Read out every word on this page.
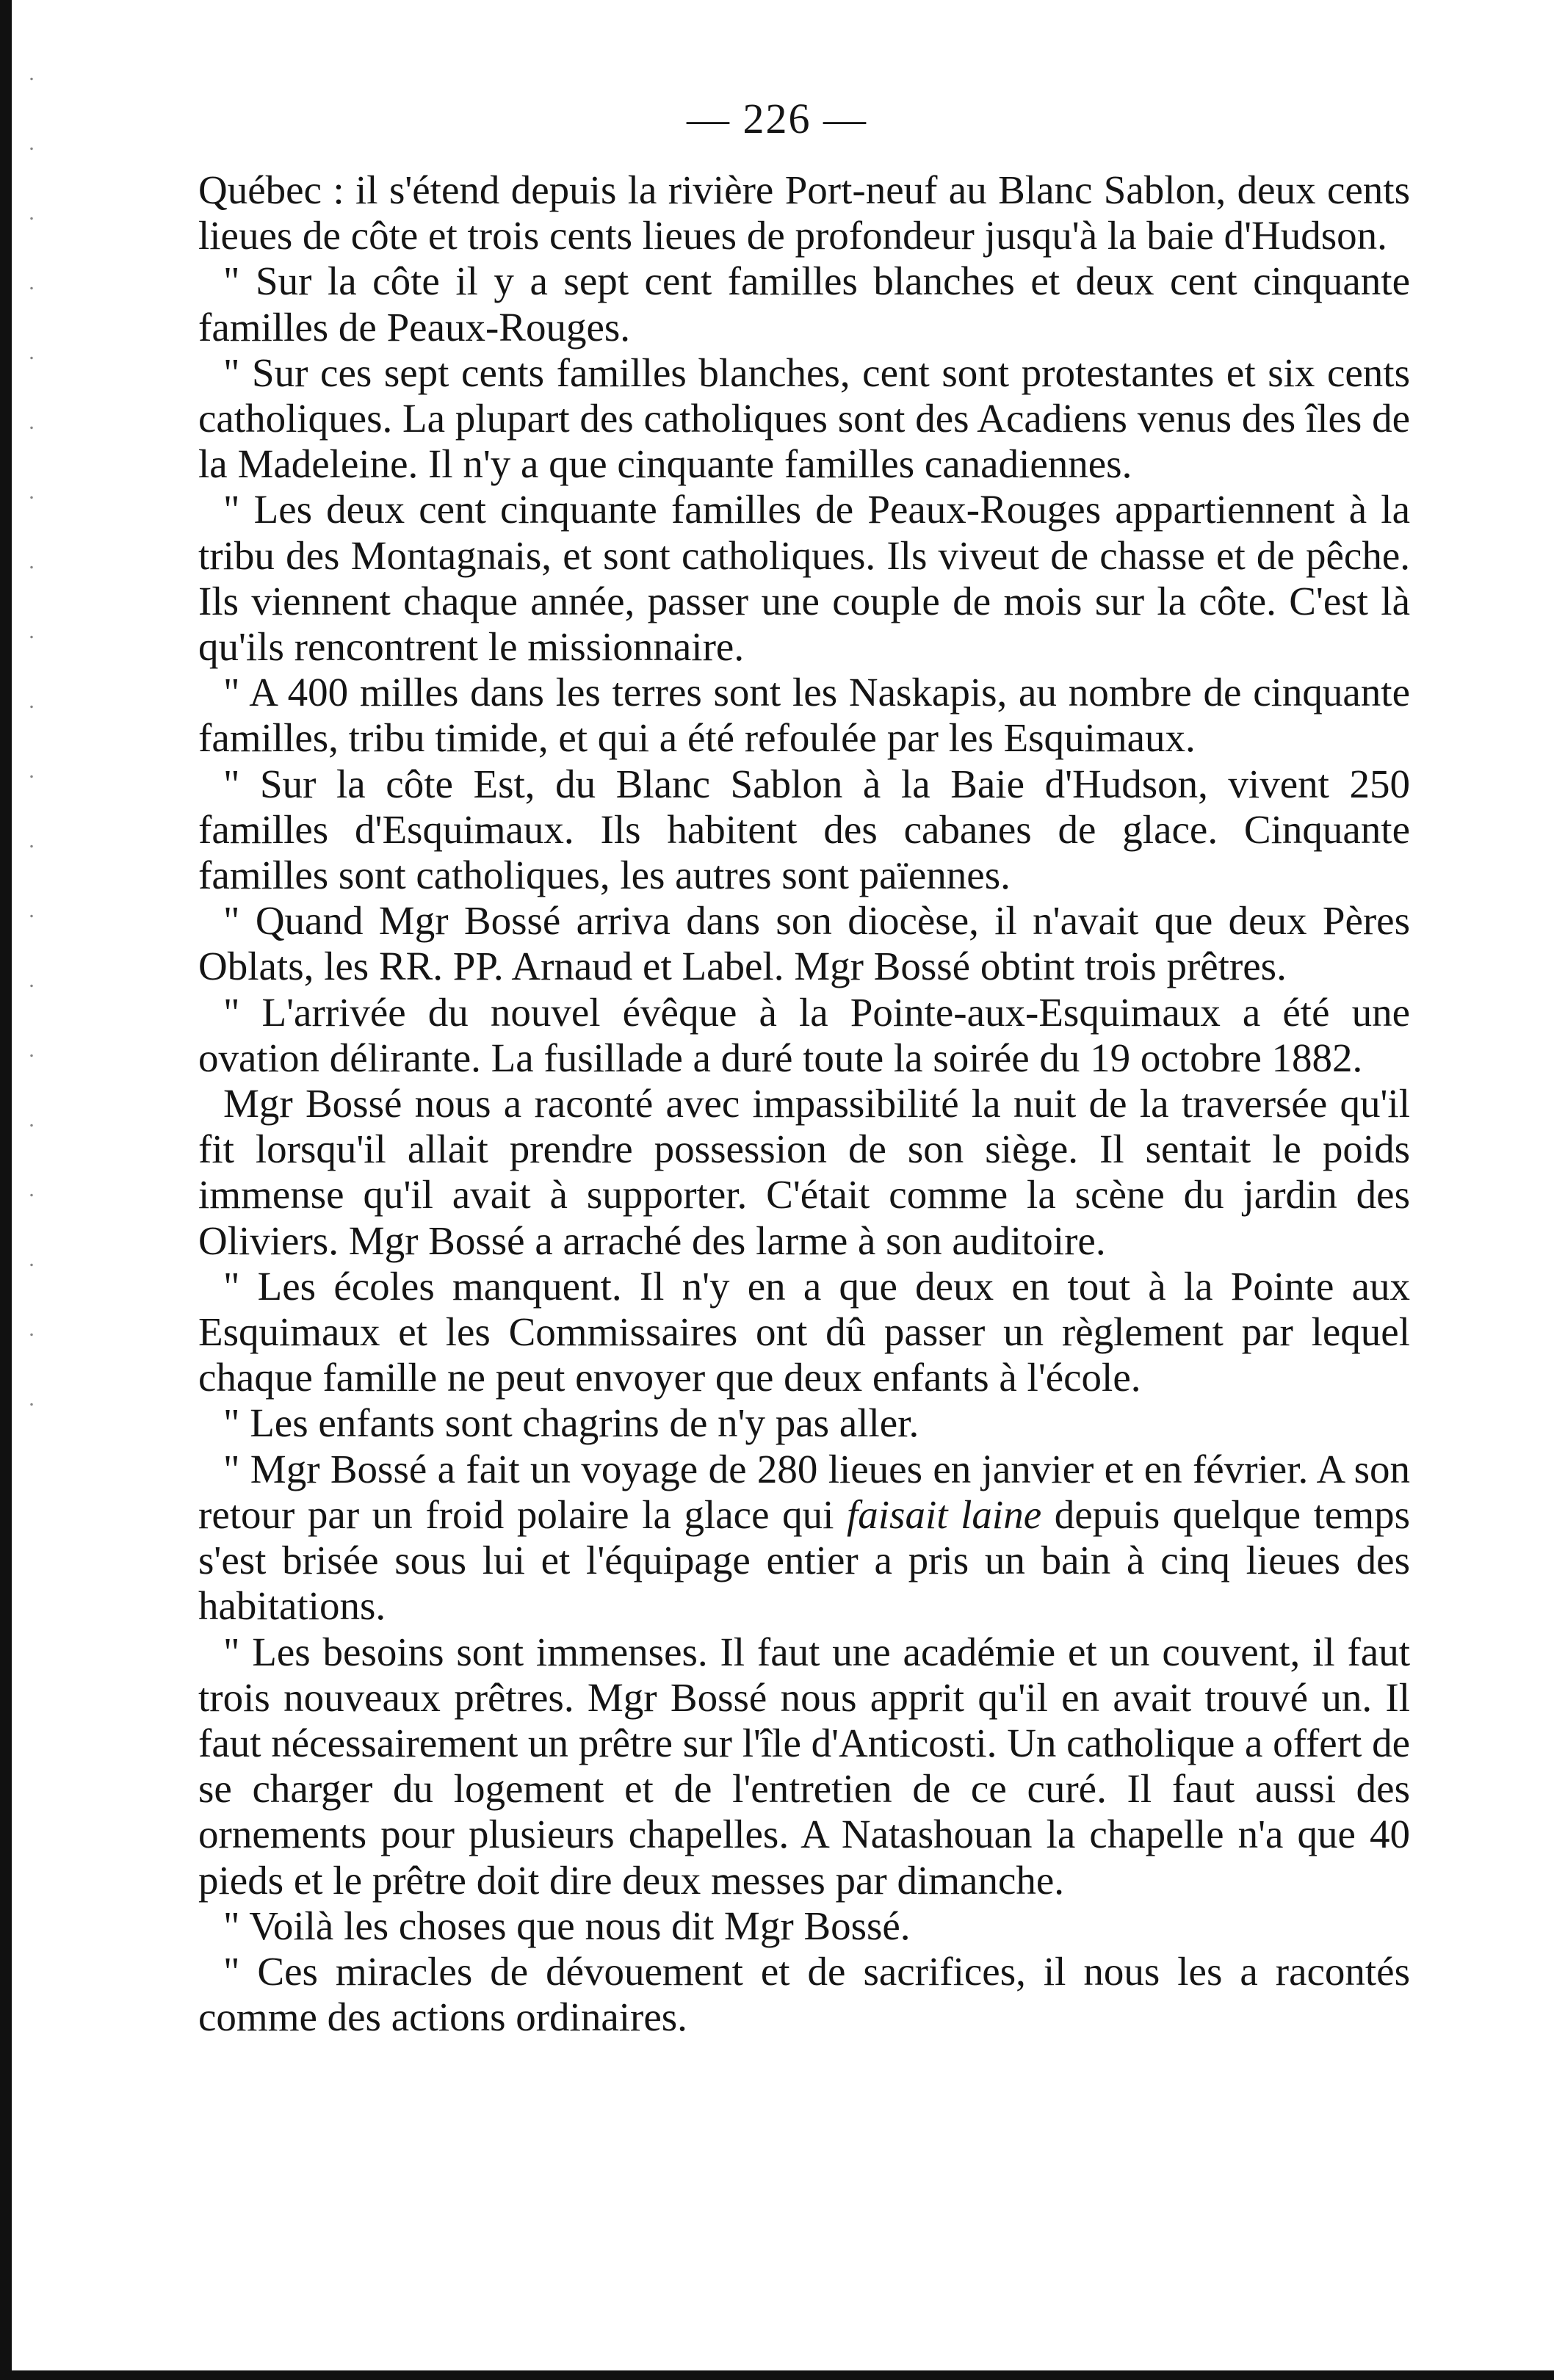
— 226 —

Québec : il s'étend depuis la rivière Port-neuf au Blanc Sablon, deux cents lieues de côte et trois cents lieues de profondeur jusqu'à la baie d'Hudson.

" Sur la côte il y a sept cent familles blanches et deux cent cinquante familles de Peaux-Rouges.

" Sur ces sept cents familles blanches, cent sont protestantes et six cents catholiques. La plupart des catholiques sont des Acadiens venus des îles de la Madeleine. Il n'y a que cinquante familles canadiennes.

" Les deux cent cinquante familles de Peaux-Rouges appartiennent à la tribu des Montagnais, et sont catholiques. Ils viveut de chasse et de pêche. Ils viennent chaque année, passer une couple de mois sur la côte. C'est là qu'ils rencontrent le missionnaire.

" A 400 milles dans les terres sont les Naskapis, au nombre de cinquante familles, tribu timide, et qui a été refoulée par les Esquimaux.

" Sur la côte Est, du Blanc Sablon à la Baie d'Hudson, vivent 250 familles d'Esquimaux. Ils habitent des cabanes de glace. Cinquante familles sont catholiques, les autres sont païennes.

" Quand Mgr Bossé arriva dans son diocèse, il n'avait que deux Pères Oblats, les RR. PP. Arnaud et Label. Mgr Bossé obtint trois prêtres.

" L'arrivée du nouvel évêque à la Pointe-aux-Esquimaux a été une ovation délirante. La fusillade a duré toute la soirée du 19 octobre 1882.

Mgr Bossé nous a raconté avec impassibilité la nuit de la traversée qu'il fit lorsqu'il allait prendre possession de son siège. Il sentait le poids immense qu'il avait à supporter. C'était comme la scène du jardin des Oliviers. Mgr Bossé a arraché des larme à son auditoire.

" Les écoles manquent. Il n'y en a que deux en tout à la Pointe aux Esquimaux et les Commissaires ont dû passer un règlement par lequel chaque famille ne peut envoyer que deux enfants à l'école.

" Les enfants sont chagrins de n'y pas aller.

" Mgr Bossé a fait un voyage de 280 lieues en janvier et en février. A son retour par un froid polaire la glace qui faisait laine depuis quelque temps s'est brisée sous lui et l'équipage entier a pris un bain à cinq lieues des habitations.

" Les besoins sont immenses. Il faut une académie et un couvent, il faut trois nouveaux prêtres. Mgr Bossé nous apprit qu'il en avait trouvé un. Il faut nécessairement un prêtre sur l'île d'Anticosti. Un catholique a offert de se charger du logement et de l'entretien de ce curé. Il faut aussi des ornements pour plusieurs chapelles. A Natashouan la chapelle n'a que 40 pieds et le prêtre doit dire deux messes par dimanche.

" Voilà les choses que nous dit Mgr Bossé.

" Ces miracles de dévouement et de sacrifices, il nous les a racontés comme des actions ordinaires.
